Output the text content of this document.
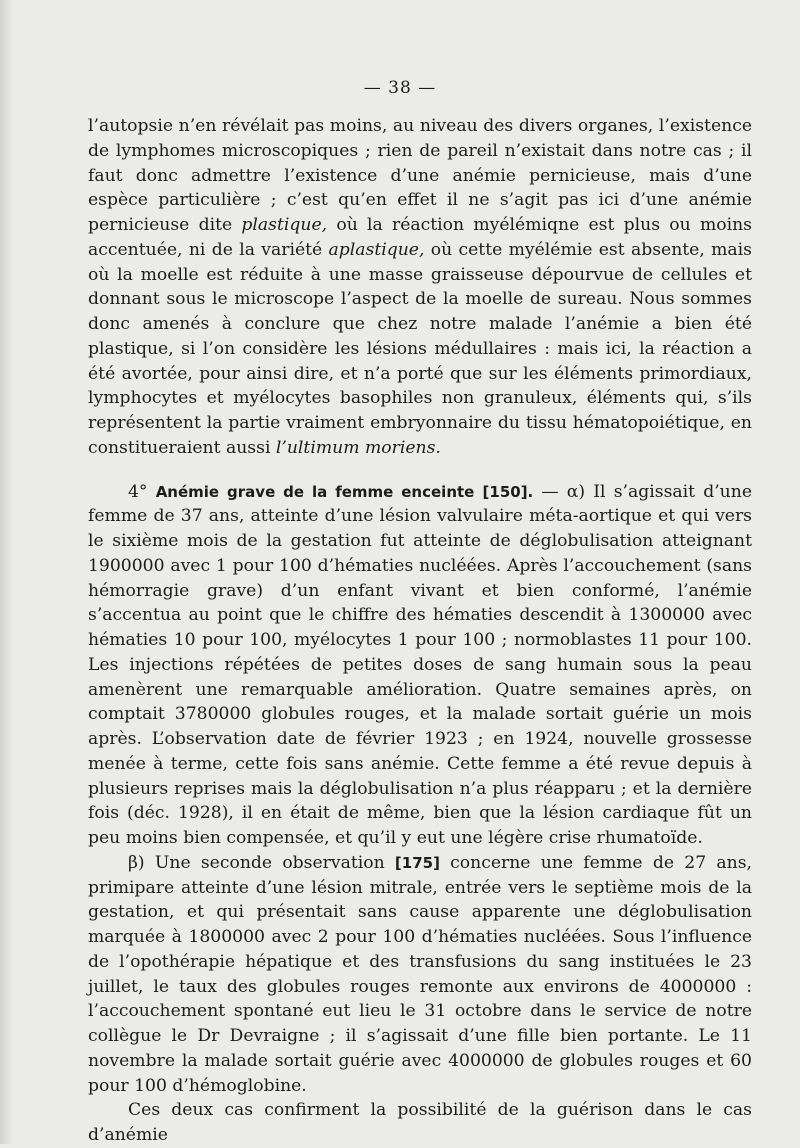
— 38 —

l’autopsie n’en révélait pas moins, au niveau des divers organes, l’existence de lymphomes microscopiques ; rien de pareil n’existait dans notre cas ; il faut donc admettre l’existence d’une anémie pernicieuse, mais d’une espèce particulière ; c’est qu’en effet il ne s’agit pas ici d’une anémie pernicieuse dite plastique, où la réaction myélémiqne est plus ou moins accentuée, ni de la variété aplastique, où cette myélémie est absente, mais où la moelle est réduite à une masse graisseuse dépourvue de cellules et donnant sous le microscope l’aspect de la moelle de sureau. Nous sommes donc amenés à conclure que chez notre malade l’anémie a bien été plastique, si l’on considère les lésions médullaires : mais ici, la réaction a été avortée, pour ainsi dire, et n’a porté que sur les éléments primordiaux, lymphocytes et myélocytes basophiles non granuleux, éléments qui, s’ils représentent la partie vraiment embryonnaire du tissu hématopoiétique, en constitueraient aussi l’ultimum moriens.

4° Anémie grave de la femme enceinte [150]. — α) Il s’agissait d’une femme de 37 ans, atteinte d’une lésion valvulaire méta-aortique et qui vers le sixième mois de la gestation fut atteinte de déglobulisation atteignant 1900000 avec 1 pour 100 d’hématies nucléées. Après l’accouchement (sans hémorragie grave) d’un enfant vivant et bien conformé, l’anémie s’accentua au point que le chiffre des hématies descendit à 1300000 avec hématies 10 pour 100, myélocytes 1 pour 100 ; normoblastes 11 pour 100. Les injections répétées de petites doses de sang humain sous la peau amenèrent une remarquable amélioration. Quatre semaines après, on comptait 3780000 globules rouges, et la malade sortait guérie un mois après. L’observation date de février 1923 ; en 1924, nouvelle grossesse menée à terme, cette fois sans anémie. Cette femme a été revue depuis à plusieurs reprises mais la déglobulisation n’a plus réapparu ; et la dernière fois (déc. 1928), il en était de même, bien que la lésion cardiaque fût un peu moins bien compensée, et qu’il y eut une légère crise rhumatoïde.

β) Une seconde observation [175] concerne une femme de 27 ans, primipare atteinte d’une lésion mitrale, entrée vers le septième mois de la gestation, et qui présentait sans cause apparente une déglobulisation marquée à 1800000 avec 2 pour 100 d’hématies nucléées. Sous l’influence de l’opothérapie hépatique et des transfusions du sang instituées le 23 juillet, le taux des globules rouges remonte aux environs de 4000000 : l’accouchement spontané eut lieu le 31 octobre dans le service de notre collègue le Dr Devraigne ; il s’agissait d’une fille bien portante. Le 11 novembre la malade sortait guérie avec 4000000 de globules rouges et 60 pour 100 d’hémoglobine.

Ces deux cas confirment la possibilité de la guérison dans le cas d’anémie
